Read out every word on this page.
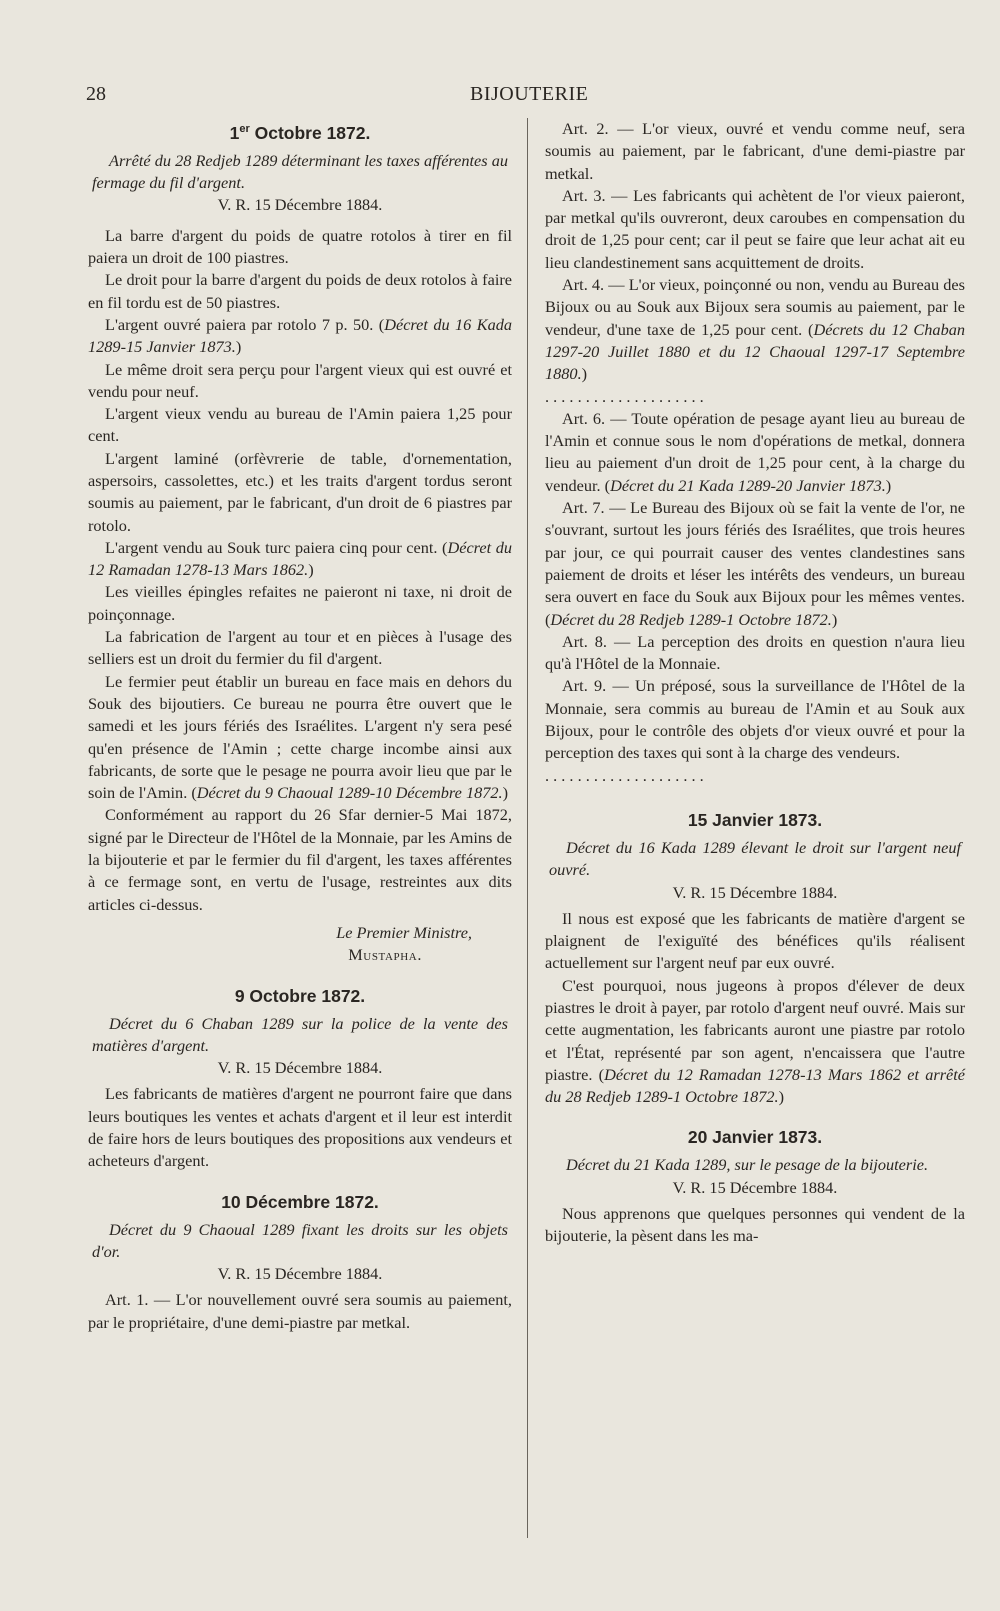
28	BIJOUTERIE
1er Octobre 1872.

Arrêté du 28 Redjeb 1289 déterminant les taxes afférentes au fermage du fil d'argent.

V. R. 15 Décembre 1884.

La barre d'argent du poids de quatre rotolos à tirer en fil paiera un droit de 100 piastres.

Le droit pour la barre d'argent du poids de deux rotolos à faire en fil tordu est de 50 piastres.

L'argent ouvré paiera par rotolo 7 p. 50. (Décret du 16 Kada 1289-15 Janvier 1873.)

Le même droit sera perçu pour l'argent vieux qui est ouvré et vendu pour neuf.

L'argent vieux vendu au bureau de l'Amin paiera 1,25 pour cent.

L'argent laminé (orfèvrerie de table, d'ornementation, aspersoirs, cassolettes, etc.) et les traits d'argent tordus seront soumis au paiement, par le fabricant, d'un droit de 6 piastres par rotolo.

L'argent vendu au Souk turc paiera cinq pour cent. (Décret du 12 Ramadan 1278-13 Mars 1862.)

Les vieilles épingles refaites ne paieront ni taxe, ni droit de poinçonnage.

La fabrication de l'argent au tour et en pièces à l'usage des selliers est un droit du fermier du fil d'argent.

Le fermier peut établir un bureau en face mais en dehors du Souk des bijoutiers. Ce bureau ne pourra être ouvert que le samedi et les jours fériés des Israélites. L'argent n'y sera pesé qu'en présence de l'Amin ; cette charge incombe ainsi aux fabricants, de sorte que le pesage ne pourra avoir lieu que par le soin de l'Amin. (Décret du 9 Chaoual 1289-10 Décembre 1872.)

Conformément au rapport du 26 Sfar dernier-5 Mai 1872, signé par le Directeur de l'Hôtel de la Monnaie, par les Amins de la bijouterie et par le fermier du fil d'argent, les taxes afférentes à ce fermage sont, en vertu de l'usage, restreintes aux dits articles ci-dessus.

Le Premier Ministre,

Mustapha.

9 Octobre 1872.

Décret du 6 Chaban 1289 sur la police de la vente des matières d'argent.

V. R. 15 Décembre 1884.

Les fabricants de matières d'argent ne pourront faire que dans leurs boutiques les ventes et achats d'argent et il leur est interdit de faire hors de leurs boutiques des propositions aux vendeurs et acheteurs d'argent.

10 Décembre 1872.

Décret du 9 Chaoual 1289 fixant les droits sur les objets d'or.

V. R. 15 Décembre 1884.

Art. 1. — L'or nouvellement ouvré sera soumis au paiement, par le propriétaire, d'une demi-piastre par metkal.

Art. 2. — L'or vieux, ouvré et vendu comme neuf, sera soumis au paiement, par le fabricant, d'une demi-piastre par metkal.

Art. 3. — Les fabricants qui achètent de l'or vieux paieront, par metkal qu'ils ouvreront, deux caroubes en compensation du droit de 1,25 pour cent; car il peut se faire que leur achat ait eu lieu clandestinement sans acquittement de droits.

Art. 4. — L'or vieux, poinçonné ou non, vendu au Bureau des Bijoux ou au Souk aux Bijoux sera soumis au paiement, par le vendeur, d'une taxe de 1,25 pour cent. (Décrets du 12 Chaban 1297-20 Juillet 1880 et du 12 Chaoual 1297-17 Septembre 1880.)

. . . . . . . . . . . . . . . . . . . .

Art. 6. — Toute opération de pesage ayant lieu au bureau de l'Amin et connue sous le nom d'opérations de metkal, donnera lieu au paiement d'un droit de 1,25 pour cent, à la charge du vendeur. (Décret du 21 Kada 1289-20 Janvier 1873.)

Art. 7. — Le Bureau des Bijoux où se fait la vente de l'or, ne s'ouvrant, surtout les jours fériés des Israélites, que trois heures par jour, ce qui pourrait causer des ventes clandestines sans paiement de droits et léser les intérêts des vendeurs, un bureau sera ouvert en face du Souk aux Bijoux pour les mêmes ventes. (Décret du 28 Redjeb 1289-1 Octobre 1872.)

Art. 8. — La perception des droits en question n'aura lieu qu'à l'Hôtel de la Monnaie.

Art. 9. — Un préposé, sous la surveillance de l'Hôtel de la Monnaie, sera commis au bureau de l'Amin et au Souk aux Bijoux, pour le contrôle des objets d'or vieux ouvré et pour la perception des taxes qui sont à la charge des vendeurs.

. . . . . . . . . . . . . . . . . . . .

15 Janvier 1873.

Décret du 16 Kada 1289 élevant le droit sur l'argent neuf ouvré.

V. R. 15 Décembre 1884.

Il nous est exposé que les fabricants de matière d'argent se plaignent de l'exiguïté des bénéfices qu'ils réalisent actuellement sur l'argent neuf par eux ouvré.

C'est pourquoi, nous jugeons à propos d'élever de deux piastres le droit à payer, par rotolo d'argent neuf ouvré. Mais sur cette augmentation, les fabricants auront une piastre par rotolo et l'État, représenté par son agent, n'encaissera que l'autre piastre. (Décret du 12 Ramadan 1278-13 Mars 1862 et arrêté du 28 Redjeb 1289-1 Octobre 1872.)

20 Janvier 1873.

Décret du 21 Kada 1289, sur le pesage de la bijouterie.

V. R. 15 Décembre 1884.

Nous apprenons que quelques personnes qui vendent de la bijouterie, la pèsent dans les ma-
